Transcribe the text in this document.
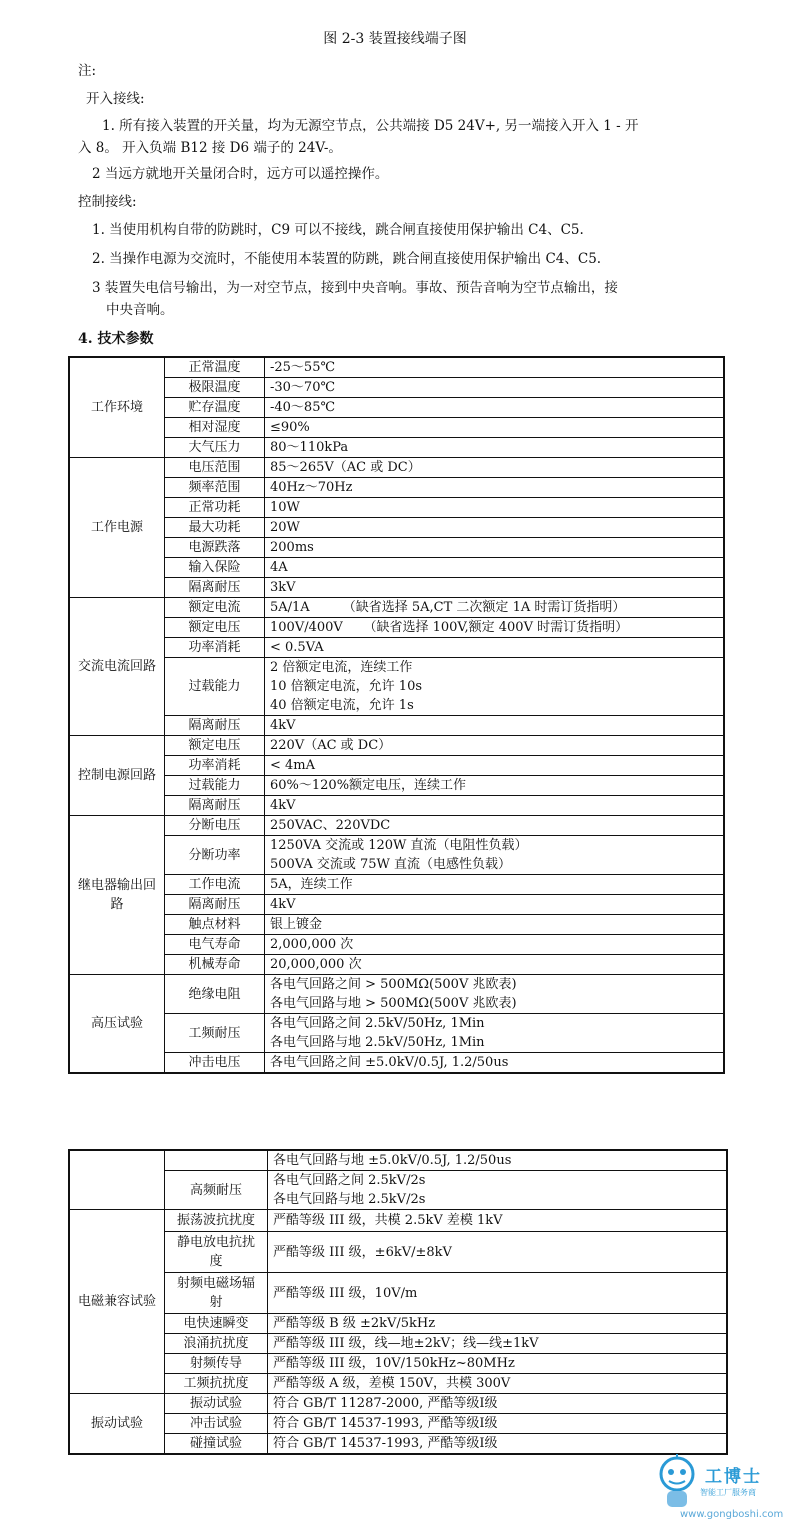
图 2-3 装置接线端子图
注:
开入接线:
1. 所有接入装置的开关量，均为无源空节点，公共端接 D5 24V+, 另一端接入开入 1 - 开
入 8。 开入负端 B12 接 D6 端子的 24V-。
2 当远方就地开关量闭合时，远方可以遥控操作。
控制接线:
1. 当使用机构自带的防跳时，C9 可以不接线，跳合闸直接使用保护输出 C4、C5.
2. 当操作电源为交流时，不能使用本装置的防跳，跳合闸直接使用保护输出 C4、C5.
3 装置失电信号输出，为一对空节点，接到中央音响。事故、预告音响为空节点输出，接
中央音响。
4. 技术参数
工作环境	正常温度	-25～55℃
	极限温度	-30～70℃
	贮存温度	-40～85℃
	相对湿度	≤90%
	大气压力	80～110kPa
工作电源	电压范围	85～265V（AC 或 DC）
	频率范围	40Hz～70Hz
	正常功耗	10W
	最大功耗	20W
	电源跌落	200ms
	输入保险	4A
	隔离耐压	3kV
交流电流回路	额定电流	5A/1A        （缺省选择 5A,CT 二次额定 1A 时需订货指明）
	额定电压	100V/400V     （缺省选择 100V,额定 400V 时需订货指明）
	功率消耗	< 0.5VA
	过载能力	2 倍额定电流，连续工作
10 倍额定电流，允许 10s
40 倍额定电流，允许 1s

	隔离耐压	4kV
控制电源回路	额定电压	220V（AC 或 DC）
	功率消耗	< 4mA
	过载能力	60%～120%额定电压，连续工作
	隔离耐压	4kV
继电器输出回路	分断电压	250VAC、220VDC
	分断功率	1250VA 交流或 120W 直流（电阻性负载）
500VA 交流或 75W 直流（电感性负载）

	工作电流	5A，连续工作
	隔离耐压	4kV
	触点材料	银上镀金
	电气寿命	2,000,000 次
	机械寿命	20,000,000 次
高压试验	绝缘电阻	各电气回路之间 > 500MΩ(500V 兆欧表)
各电气回路与地 > 500MΩ(500V 兆欧表)

	工频耐压	各电气回路之间 2.5kV/50Hz, 1Min
各电气回路与地 2.5kV/50Hz, 1Min

	冲击电压	各电气回路之间 ±5.0kV/0.5J, 1.2/50us
		各电气回路与地 ±5.0kV/0.5J, 1.2/50us
	高频耐压	各电气回路之间 2.5kV/2s
各电气回路与地 2.5kV/2s

电磁兼容试验	振荡波抗扰度	严酷等级 III 级，共模 2.5kV 差模 1kV
	静电放电抗扰度	严酷等级 III 级，±6kV/±8kV
	射频电磁场辐射	严酷等级 III 级，10V/m
	电快速瞬变	严酷等级 B 级 ±2kV/5kHz
	浪涌抗扰度	严酷等级 III 级，线—地±2kV；线—线±1kV
	射频传导	严酷等级 III 级，10V/150kHz~80MHz
	工频抗扰度	严酷等级 A 级，差模 150V，共模 300V
振动试验	振动试验	符合 GB/T 11287-2000, 严酷等级Ⅰ级
	冲击试验	符合 GB/T 14537-1993, 严酷等级Ⅰ级
	碰撞试验	符合 GB/T 14537-1993, 严酷等级Ⅰ级
工博士
智能工厂服务商
www.gongboshi.com
